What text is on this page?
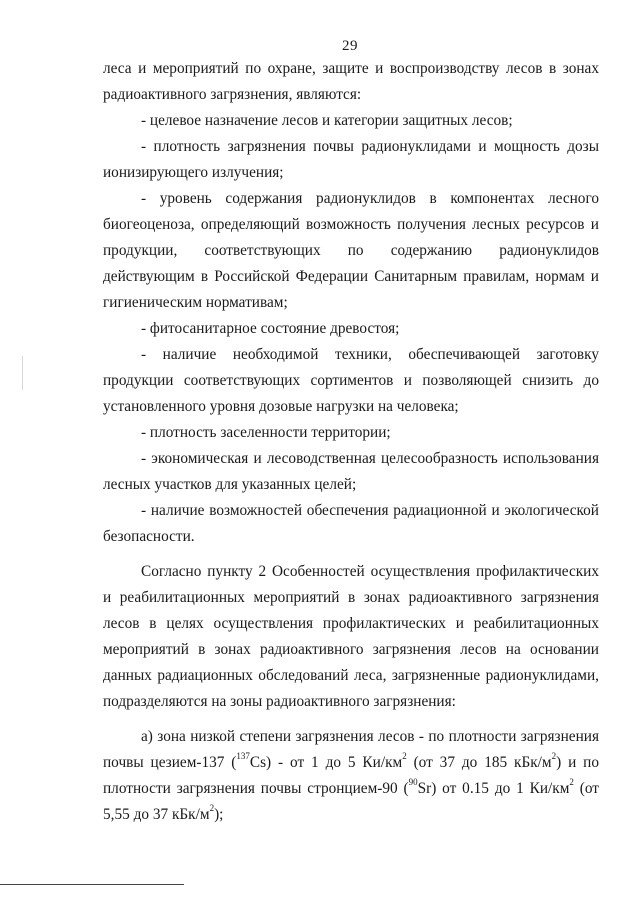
29

леса и мероприятий по охране, защите и воспроизводству лесов в зонах радиоактивного загрязнения, являются:

- целевое назначение лесов и категории защитных лесов;

- плотность загрязнения почвы радионуклидами и мощность дозы ионизирующего излучения;

- уровень содержания радионуклидов в компонентах лесного биогеоценоза, определяющий возможность получения лесных ресурсов и продукции, соответствующих по содержанию радионуклидов действующим в Российской Федерации Санитарным правилам, нормам и гигиеническим нормативам;

- фитосанитарное состояние древостоя;

- наличие необходимой техники, обеспечивающей заготовку продукции соответствующих сортиментов и позволяющей снизить до установленного уровня дозовые нагрузки на человека;

- плотность заселенности территории;

- экономическая и лесоводственная целесообразность использования лесных участков для указанных целей;

- наличие возможностей обеспечения радиационной и экологической безопасности.

Согласно пункту 2 Особенностей осуществления профилактических и реабилитационных мероприятий в зонах радиоактивного загрязнения лесов в целях осуществления профилактических и реабилитационных мероприятий в зонах радиоактивного загрязнения лесов на основании данных радиационных обследований леса, загрязненные радионуклидами, подразделяются на зоны радиоактивного загрязнения:

а) зона низкой степени загрязнения лесов - по плотности загрязнения почвы цезием-137 ($^{137}$Cs) - от 1 до 5 $Ки/км^2$ (от 37 до 185 кБк/$м^2$) и по плотности загрязнения почвы стронцием-90 ($^{90}$Sr) от 0.15 до 1 $Ки/км^2$ (от 5,55 до 37 кБк/$м^2$);
